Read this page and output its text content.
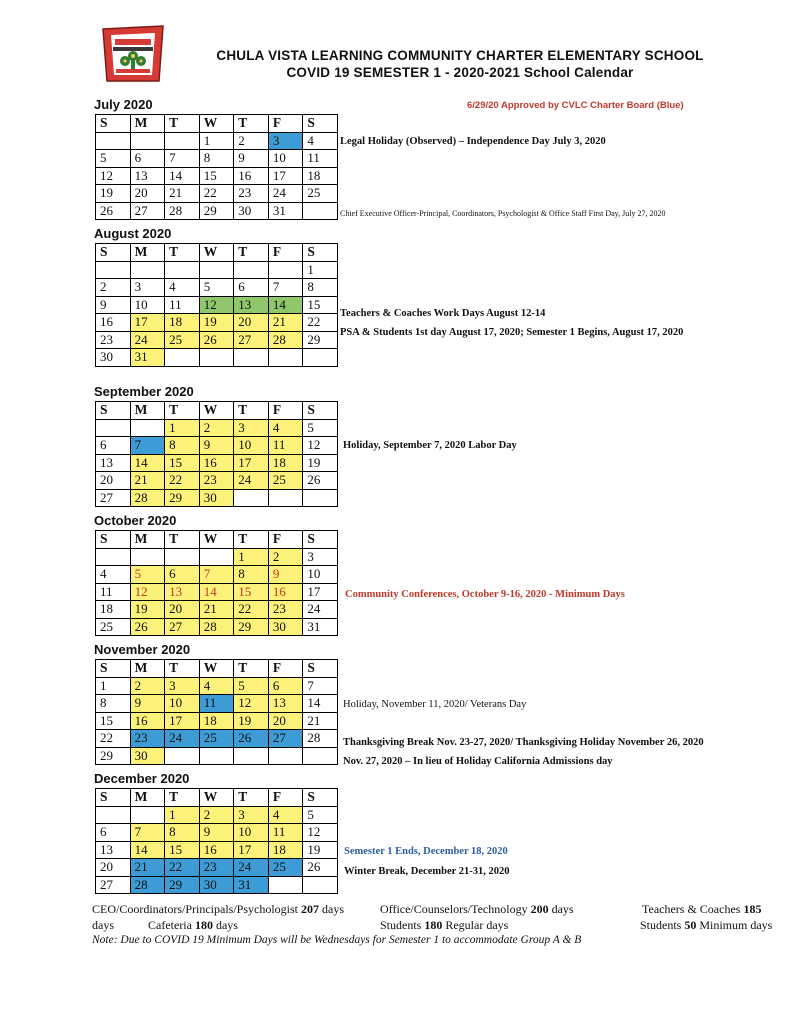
CHULA VISTA LEARNING COMMUNITY CHARTER ELEMENTARY SCHOOL
COVID 19 SEMESTER 1 - 2020-2021 School Calendar
6/29/20 Approved by CVLC Charter Board (Blue)
July 2020
S	M	T	W	T	F	S
			1	2	3	4
5	6	7	8	9	10	11
12	13	14	15	16	17	18
19	20	21	22	23	24	25
26	27	28	29	30	31	
August 2020
S	M	T	W	T	F	S
						1
2	3	4	5	6	7	8
9	10	11	12	13	14	15
16	17	18	19	20	21	22
23	24	25	26	27	28	29
30	31					
September 2020
S	M	T	W	T	F	S
		1	2	3	4	5
6	7	8	9	10	11	12
13	14	15	16	17	18	19
20	21	22	23	24	25	26
27	28	29	30			
October 2020
S	M	T	W	T	F	S
				1	2	3
4	5	6	7	8	9	10
11	12	13	14	15	16	17
18	19	20	21	22	23	24
25	26	27	28	29	30	31
November 2020
S	M	T	W	T	F	S
1	2	3	4	5	6	7
8	9	10	11	12	13	14
15	16	17	18	19	20	21
22	23	24	25	26	27	28
29	30					
December 2020
S	M	T	W	T	F	S
		1	2	3	4	5
6	7	8	9	10	11	12
13	14	15	16	17	18	19
20	21	22	23	24	25	26
27	28	29	30	31		
Legal Holiday (Observed) – Independence Day July 3, 2020
Chief Executive Officer-Principal, Coordinators, Psychologist & Office Staff First Day, July 27, 2020
Teachers & Coaches Work Days August 12-14
PSA & Students 1st day August 17, 2020; Semester 1 Begins, August 17, 2020
Holiday, September 7, 2020 Labor Day
Community Conferences, October 9-16, 2020 - Minimum Days
Holiday, November 11, 2020/ Veterans Day
Thanksgiving Break Nov. 23-27, 2020/ Thanksgiving Holiday November 26, 2020
Nov. 27, 2020 – In lieu of Holiday California Admissions day
Semester 1 Ends, December 18, 2020
Winter Break, December 21-31, 2020
CEO/Coordinators/Principals/Psychologist 207 days	Office/Counselors/Technology 200 days	Teachers & Coaches 185
days	Cafeteria 180 days	Students 180 Regular days	Students 50 Minimum days
Note: Due to COVID 19 Minimum Days will be Wednesdays for Semester 1 to accommodate Group A & B
